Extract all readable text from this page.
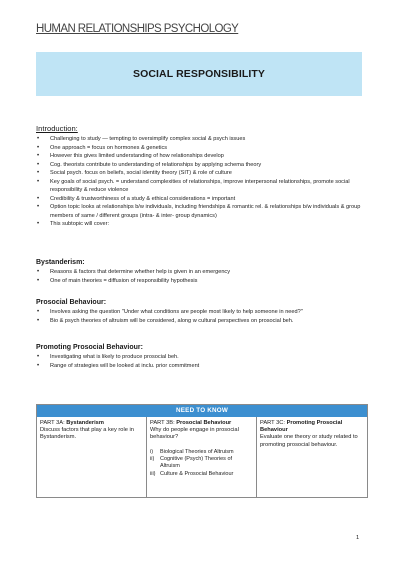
HUMAN RELATIONSHIPS PSYCHOLOGY
SOCIAL RESPONSIBILITY
Introduction:
• Challenging to study — tempting to oversimplify complex social & psych issues
• One approach = focus on hormones & genetics
• However this gives limited understanding of how relationships develop
• Cog. theorists contribute to understanding of relationships by applying schema theory
• Social psych. focus on beliefs, social identity theory (SIT) & role of culture
• Key goals of social psych. = understand complexities of relationships, improve interpersonal relationships, promote social responsibility & reduce violence
• Credibility & trustworthiness of a study & ethical considerations = important
• Option topic looks at relationships b/w individuals, including friendships & romantic rel. & relationships b/w individuals & group members of same / different groups (intra- & inter- group dynamics)
• This subtopic will cover:
Bystanderism:
• Reasons & factors that determine whether help is given in an emergency
• One of main theories = diffusion of responsibility hypothesis
Prosocial Behaviour:
• Involves asking the question "Under what conditions are people most likely to help someone in need?"
• Bio & psych theories of altruism will be considered, along w cultural perspectives on prosocial beh.
Promoting Prosocial Behaviour:
• Investigating what is likely to produce prosocial beh.
• Range of strategies will be looked at inclu. prior commitment
NEED TO KNOW
PART 3A: Bystanderism
Discuss factors that play a key role in Bystanderism.
PART 3B: Prosocial Behaviour
Why do people engage in prosocial behaviour?
i) Biological Theories of Altruism
ii) Cognitive (Psych) Theories of Altruism
iii) Culture & Prosocial Behaviour
PART 3C: Promoting Prosocial Behaviour
Evaluate one theory or study related to promoting prosocial behaviour.
1
